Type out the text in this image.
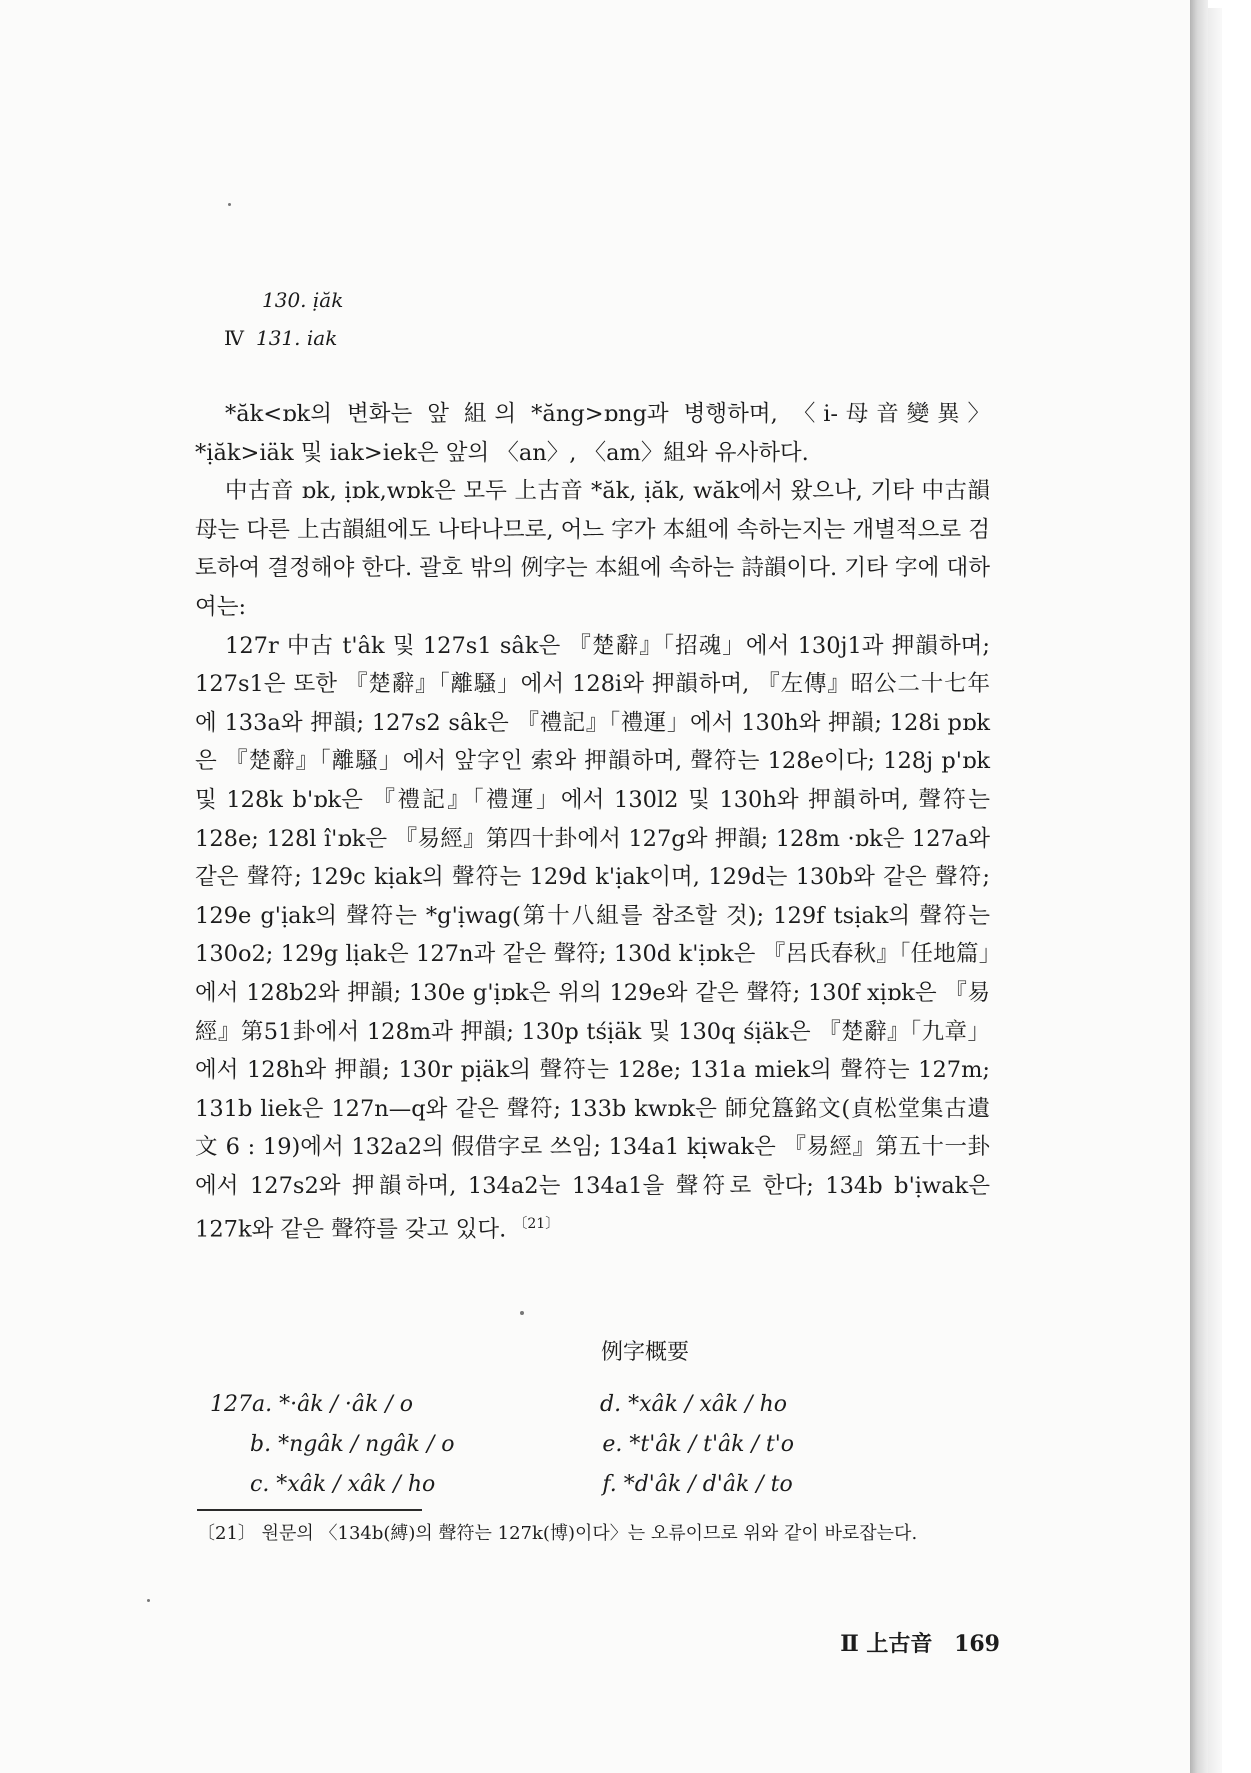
130. ịăk
Ⅳ 131. iak

*ăk<ɒk의 변화는 앞 組의 *ăng>ɒng과 병행하며, 〈i-母音變異〉 *ịăk>iäk 및 iak>iek은 앞의 〈an〉, 〈am〉組와 유사하다.

中古音 ɒk, ịɒk,wɒk은 모두 上古音 *ăk, ịăk, wăk에서 왔으나, 기타 中古韻母는 다른 上古韻組에도 나타나므로, 어느 字가 本組에 속하는지는 개별적으로 검토하여 결정해야 한다. 괄호 밖의 例字는 本組에 속하는 詩韻이다. 기타 字에 대하여는:

127r 中古 t'âk 및 127s1 sâk은 『楚辭』「招魂」에서 130j1과 押韻하며; 127s1은 또한 『楚辭』「離騷」에서 128i와 押韻하며, 『左傳』昭公二十七年에 133a와 押韻; 127s2 sâk은 『禮記』「禮運」에서 130h와 押韻; 128i pɒk은 『楚辭』「離騷」에서 앞字인 索와 押韻하며, 聲符는 128e이다; 128j p'ɒk 및 128k b'ɒk은 『禮記』「禮運」에서 130l2 및 130h와 押韻하며, 聲符는 128e; 128l î'ɒk은 『易經』第四十卦에서 127g와 押韻; 128m ·ɒk은 127a와 같은 聲符; 129c kịak의 聲符는 129d k'ịak이며, 129d는 130b와 같은 聲符; 129e g'ịak의 聲符는 *g'ịwag(第十八組를 참조할 것); 129f tsịak의 聲符는 130o2; 129g lịak은 127n과 같은 聲符; 130d k'ịɒk은 『呂氏春秋』「任地篇」에서 128b2와 押韻; 130e g'ịɒk은 위의 129e와 같은 聲符; 130f xịɒk은 『易經』第51卦에서 128m과 押韻; 130p tśịäk 및 130q śịäk은 『楚辭』「九章」에서 128h와 押韻; 130r pịäk의 聲符는 128e; 131a miek의 聲符는 127m; 131b liek은 127n—q와 같은 聲符; 133b kwɒk은 師兌簋銘文(貞松堂集古遺文 6 : 19)에서 132a2의 假借字로 쓰임; 134a1 kịwak은 『易經』第五十一卦에서 127s2와 押韻하며, 134a2는 134a1을 聲符로 한다; 134b b'ịwak은 127k와 같은 聲符를 갖고 있다. $^{〔21〕}$

例字概要
127a. *·âk / ·âk / o	d. *xâk / xâk / ho
b. *ngâk / ngâk / o	e. *t'âk / t'âk / t'o
c. *xâk / xâk / ho	f. *d'âk / d'âk / to
〔21〕 원문의 〈134b(縛)의 聲符는 127k(博)이다〉는 오류이므로 위와 같이 바로잡는다.
Ⅱ 上古音 169
